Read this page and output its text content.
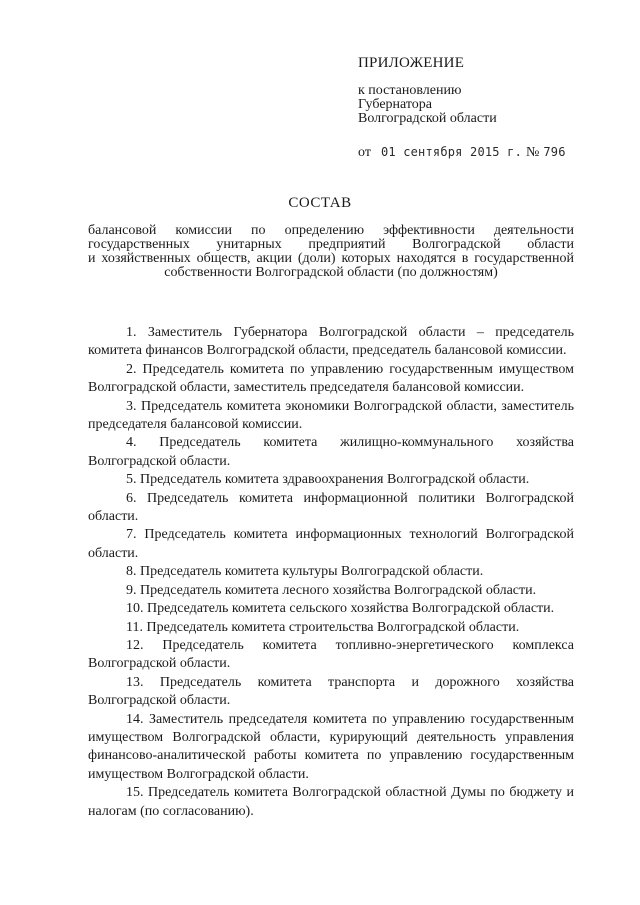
ПРИЛОЖЕНИЕ

к постановлению

Губернатора

Волгоградской области

от 01 сентября 2015 г. № 796
СОСТАВ
балансовой комиссии по определению эффективности деятельности
государственных унитарных предприятий Волгоградской области
и хозяйственных обществ, акции (доли) которых находятся в государственной
собственности Волгоградской области (по должностям)
1. Заместитель Губернатора Волгоградской области – председатель комитета финансов Волгоградской области, председатель балансовой комиссии.
2. Председатель комитета по управлению государственным имуществом Волгоградской области, заместитель председателя балансовой комиссии.
3. Председатель комитета экономики Волгоградской области, заместитель председателя балансовой комиссии.
4. Председатель комитета жилищно-коммунального хозяйства Волгоградской области.
5. Председатель комитета здравоохранения Волгоградской области.
6. Председатель комитета информационной политики Волгоградской области.
7. Председатель комитета информационных технологий Волгоградской области.
8. Председатель комитета культуры Волгоградской области.
9. Председатель комитета лесного хозяйства Волгоградской области.
10. Председатель комитета сельского хозяйства Волгоградской области.
11. Председатель комитета строительства Волгоградской области.
12. Председатель комитета топливно-энергетического комплекса Волгоградской области.
13. Председатель комитета транспорта и дорожного хозяйства Волгоградской области.
14. Заместитель председателя комитета по управлению государственным имуществом Волгоградской области, курирующий деятельность управления финансово-аналитической работы комитета по управлению государственным имуществом Волгоградской области.
15. Председатель комитета Волгоградской областной Думы по бюджету и налогам (по согласованию).
